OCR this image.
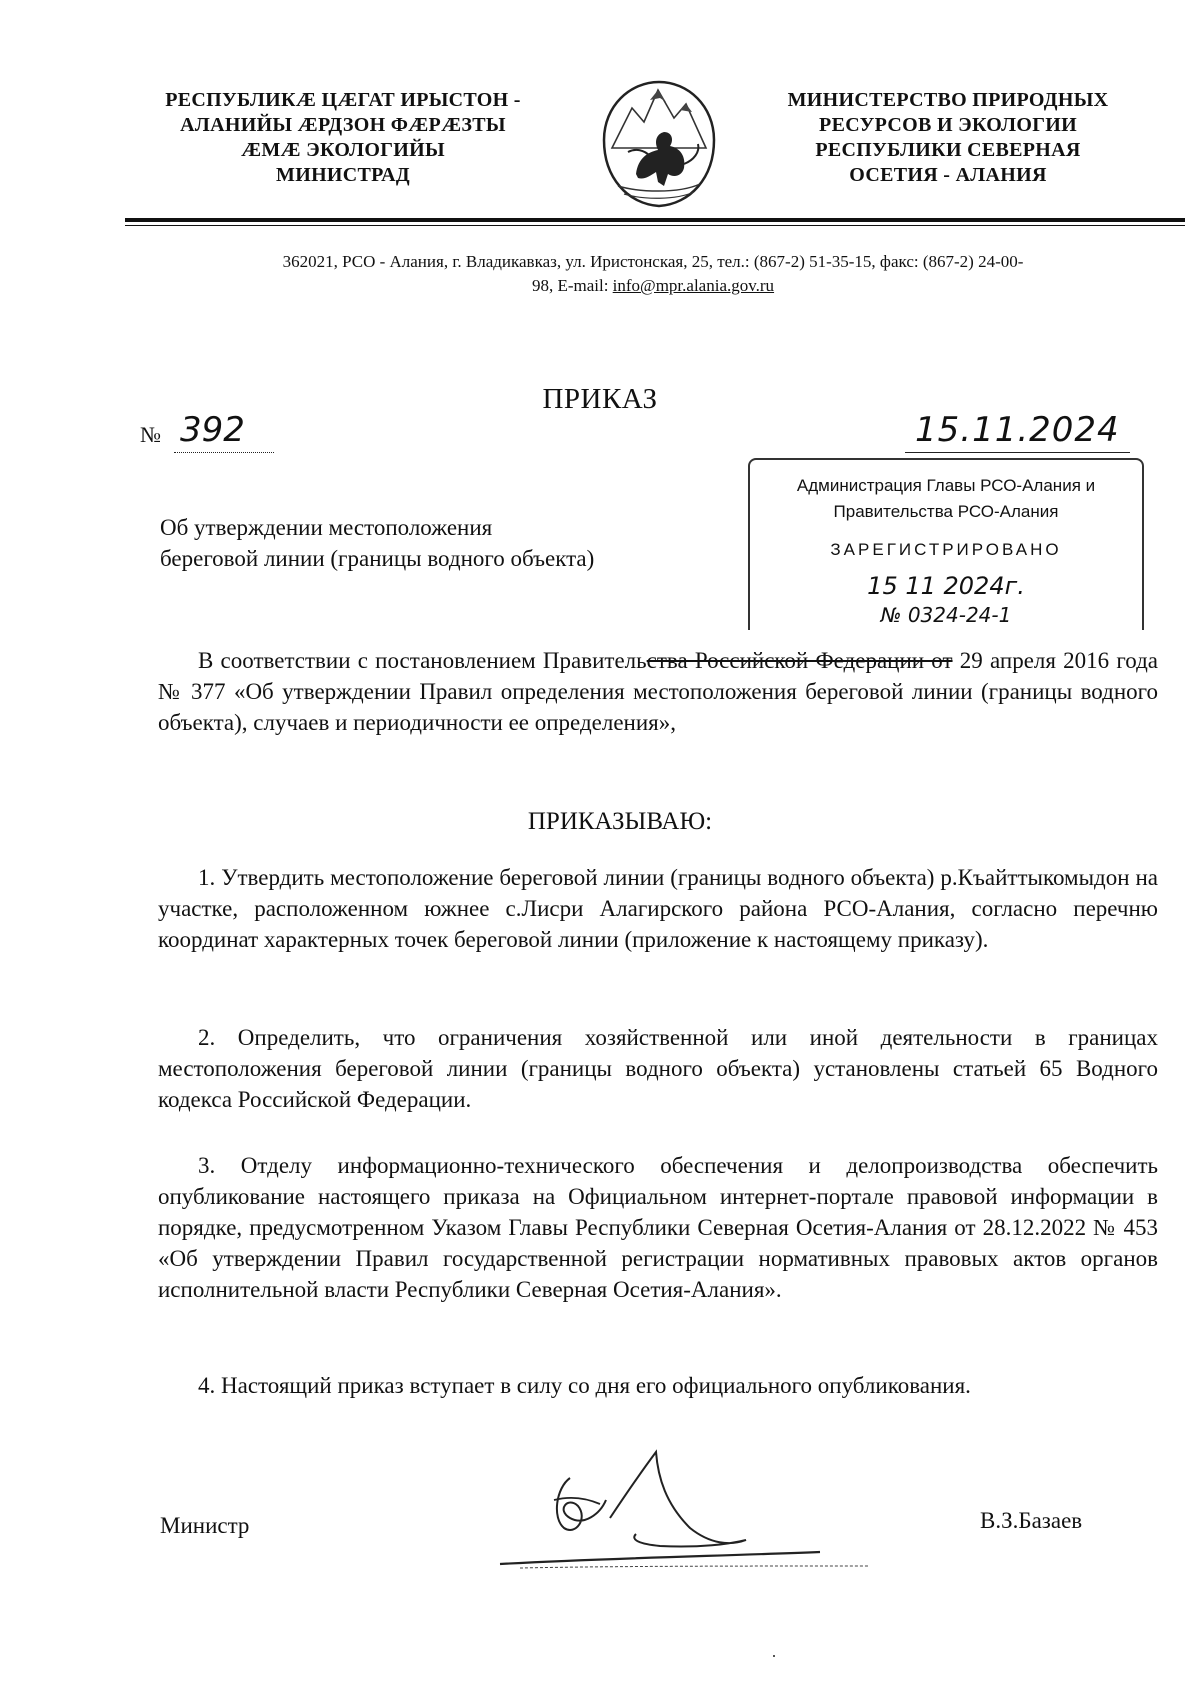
РЕСПУБЛИКÆ ЦÆГАТ ИРЫСТОН -
АЛАНИЙЫ ÆРДЗОН ФÆРÆЗТЫ
ÆМÆ ЭКОЛОГИЙЫ
МИНИСТРАД
МИНИСТЕРСТВО ПРИРОДНЫХ
РЕСУРСОВ И ЭКОЛОГИИ
РЕСПУБЛИКИ СЕВЕРНАЯ
ОСЕТИЯ - АЛАНИЯ
362021, РСО - Алания, г. Владикавказ, ул. Иристонская, 25, тел.: (867-2) 51-35-15, факс: (867-2) 24-00-
98, E-mail: info@mpr.alania.gov.ru
ПРИКАЗ
№ 392	15.11.2024
Администрация Главы РСО-Алания и
Правительства РСО-Алания
ЗАРЕГИСТРИРОВАНО
15 11 2024г.
№ 0324-24-1
Об утверждении местоположения
береговой линии (границы водного объекта)

В соответствии с постановлением Правительства Российской Федерации от 29 апреля 2016 года № 377 «Об утверждении Правил определения местоположения береговой линии (границы водного объекта), случаев и периодичности ее определения»,

ПРИКАЗЫВАЮ:

1. Утвердить местоположение береговой линии (границы водного объекта) р.Къайттыкомыдон на участке, расположенном южнее с.Лисри Алагирского района РСО-Алания, согласно перечню координат характерных точек береговой линии (приложение к настоящему приказу).

2. Определить, что ограничения хозяйственной или иной деятельности в границах местоположения береговой линии (границы водного объекта) установлены статьей 65 Водного кодекса Российской Федерации.

3. Отделу информационно-технического обеспечения и делопроизводства обеспечить опубликование настоящего приказа на Официальном интернет-портале правовой информации в порядке, предусмотренном Указом Главы Республики Северная Осетия-Алания от 28.12.2022 № 453 «Об утверждении Правил государственной регистрации нормативных правовых актов органов исполнительной власти Республики Северная Осетия-Алания».

4. Настоящий приказ вступает в силу со дня его официального опубликования.

Министр	В.З.Базаев
